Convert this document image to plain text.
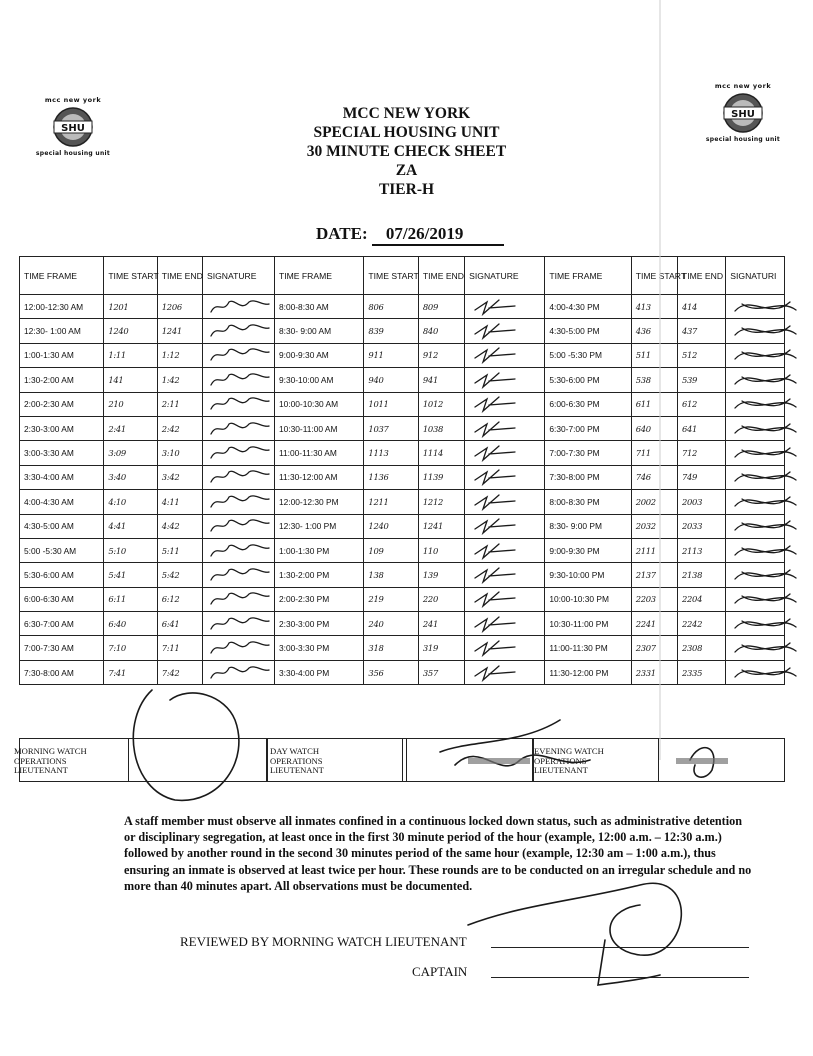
mcc new york
SHU
special housing unit
mcc new york
SHU
special housing unit
MCC NEW YORK
SPECIAL HOUSING UNIT
30 MINUTE CHECK SHEET
ZA
TIER-H
DATE: 07/26/2019
TIME FRAME	TIME START	TIME END	SIGNATURE	TIME FRAME	TIME START	TIME END	SIGNATURE	TIME FRAME	TIME START	TIME END	SIGNATURI
12:00-12:30 AM	1201	1206		8:00-8:30 AM	806	809		4:00-4:30 PM	413	414	
12:30- 1:00 AM	1240	1241		8:30- 9:00 AM	839	840		4:30-5:00 PM	436	437	
1:00-1:30 AM	1:11	1:12		9:00-9:30 AM	911	912		5:00 -5:30 PM	511	512	
1:30-2:00 AM	141	1:42		9:30-10:00 AM	940	941		5:30-6:00 PM	538	539	
2:00-2:30 AM	210	2:11		10:00-10:30 AM	1011	1012		6:00-6:30 PM	611	612	
2:30-3:00 AM	2:41	2:42		10:30-11:00 AM	1037	1038		6:30-7:00 PM	640	641	
3:00-3:30 AM	3:09	3:10		11:00-11:30 AM	1113	1114		7:00-7:30 PM	711	712	
3:30-4:00 AM	3:40	3:42		11:30-12:00 AM	1136	1139		7:30-8:00 PM	746	749	
4:00-4:30 AM	4:10	4:11		12:00-12:30 PM	1211	1212		8:00-8:30 PM	2002	2003	
4:30-5:00 AM	4:41	4:42		12:30- 1:00 PM	1240	1241		8:30- 9:00 PM	2032	2033	
5:00 -5:30 AM	5:10	5:11		1:00-1:30 PM	109	110		9:00-9:30 PM	2111	2113	
5:30-6:00 AM	5:41	5:42		1:30-2:00 PM	138	139		9:30-10:00 PM	2137	2138	
6:00-6:30 AM	6:11	6:12		2:00-2:30 PM	219	220		10:00-10:30 PM	2203	2204	
6:30-7:00 AM	6:40	6:41		2:30-3:00 PM	240	241		10:30-11:00 PM	2241	2242	
7:00-7:30 AM	7:10	7:11		3:00-3:30 PM	318	319		11:00-11:30 PM	2307	2308	
7:30-8:00 AM	7:41	7:42		3:30-4:00 PM	356	357		11:30-12:00 PM	2331	2335	
MORNING WATCH OPERATIONS LIEUTENANT
DAY WATCH OPERATIONS LIEUTENANT
EVENING WATCH OPERATIONS LIEUTENANT
A staff member must observe all inmates confined in a continuous locked down status, such as administrative detention or disciplinary segregation, at least once in the first 30 minute period of the hour (example, 12:00 a.m. – 12:30 a.m.) followed by another round in the second 30 minutes period of the same hour (example, 12:30 am – 1:00 a.m.), thus ensuring an inmate is observed at least twice per hour. These rounds are to be conducted on an irregular schedule and no more than 40 minutes apart. All observations must be documented.
REVIEWED BY MORNING WATCH LIEUTENANT
CAPTAIN
